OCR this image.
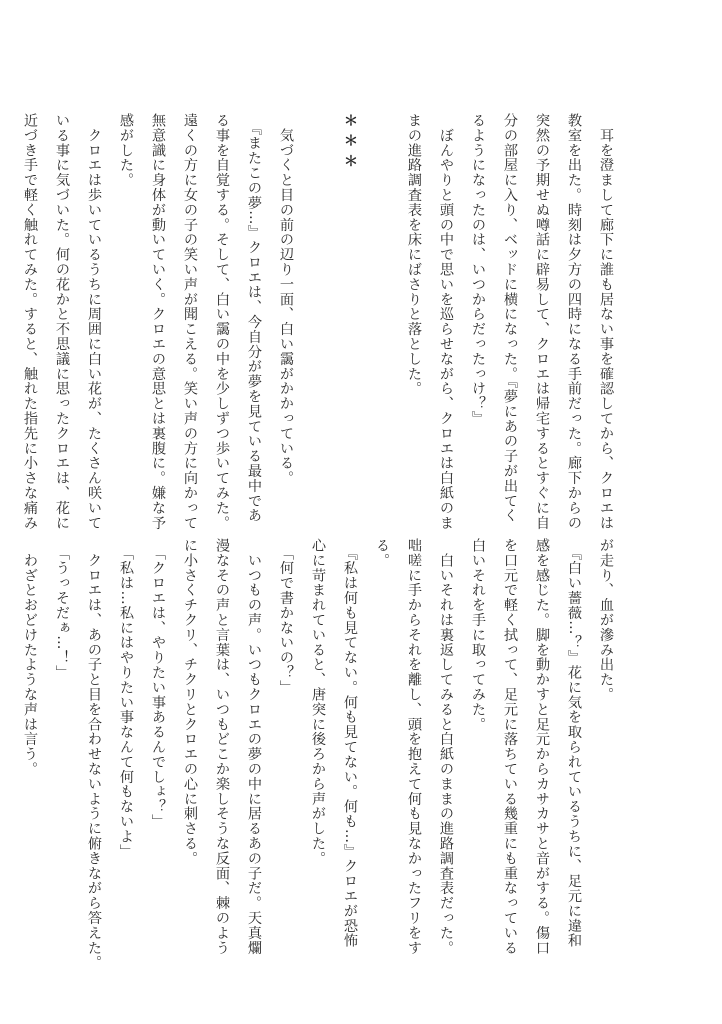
　耳を澄まして廊下に誰も居ない事を確認してから、クロエは
教室を出た。時刻は夕方の四時になる手前だった。廊下からの
突然の予期せぬ噂話に辟易して、クロエは帰宅するとすぐに自
分の部屋に入り、ベッドに横になった。『夢にあの子が出てく
るようになったのは、いつからだったっけ？』
　ぼんやりと頭の中で思いを巡らせながら、クロエは白紙のま
まの進路調査表を床にばさりと落とした。
＊＊＊
　気づくと目の前の辺り一面、白い靄がかかっている。
　『またこの夢…』クロエは、今自分が夢を見ている最中であ
る事を自覚する。そして、白い靄の中を少しずつ歩いてみた。
遠くの方に女の子の笑い声が聞こえる。笑い声の方に向かって
無意識に身体が動いていく。クロエの意思とは裏腹に。嫌な予
感がした。
　クロエは歩いているうちに周囲に白い花が、たくさん咲いて
いる事に気づいた。何の花かと不思議に思ったクロエは、花に
近づき手で軽く触れてみた。すると、触れた指先に小さな痛み
が走り、血が滲み出た。
　『白い薔薇…？』花に気を取られているうちに、足元に違和
感を感じた。脚を動かすと足元からカサカサと音がする。傷口
を口元で軽く拭って、足元に落ちている幾重にも重なっている
白いそれを手に取ってみた。
　白いそれは裏返してみると白紙のままの進路調査表だった。
咄嗟に手からそれを離し、頭を抱えて何も見なかったフリをす
る。
　『私は何も見てない。何も見てない。何も…』クロエが恐怖
心に苛まれていると、唐突に後ろから声がした。
　「何で書かないの？」
　いつもの声。いつもクロエの夢の中に居るあの子だ。天真爛
漫なその声と言葉は、いつもどこか楽しそうな反面、棘のよう
に小さくチクリ、チクリとクロエの心に刺さる。
　「クロエは、やりたい事あるんでしょ？」
　「私は…私にはやりたい事なんて何もないよ」
　クロエは、あの子と目を合わせないように俯きながら答えた。
　「うっそだぁ…！」
　わざとおどけたような声は言う。
